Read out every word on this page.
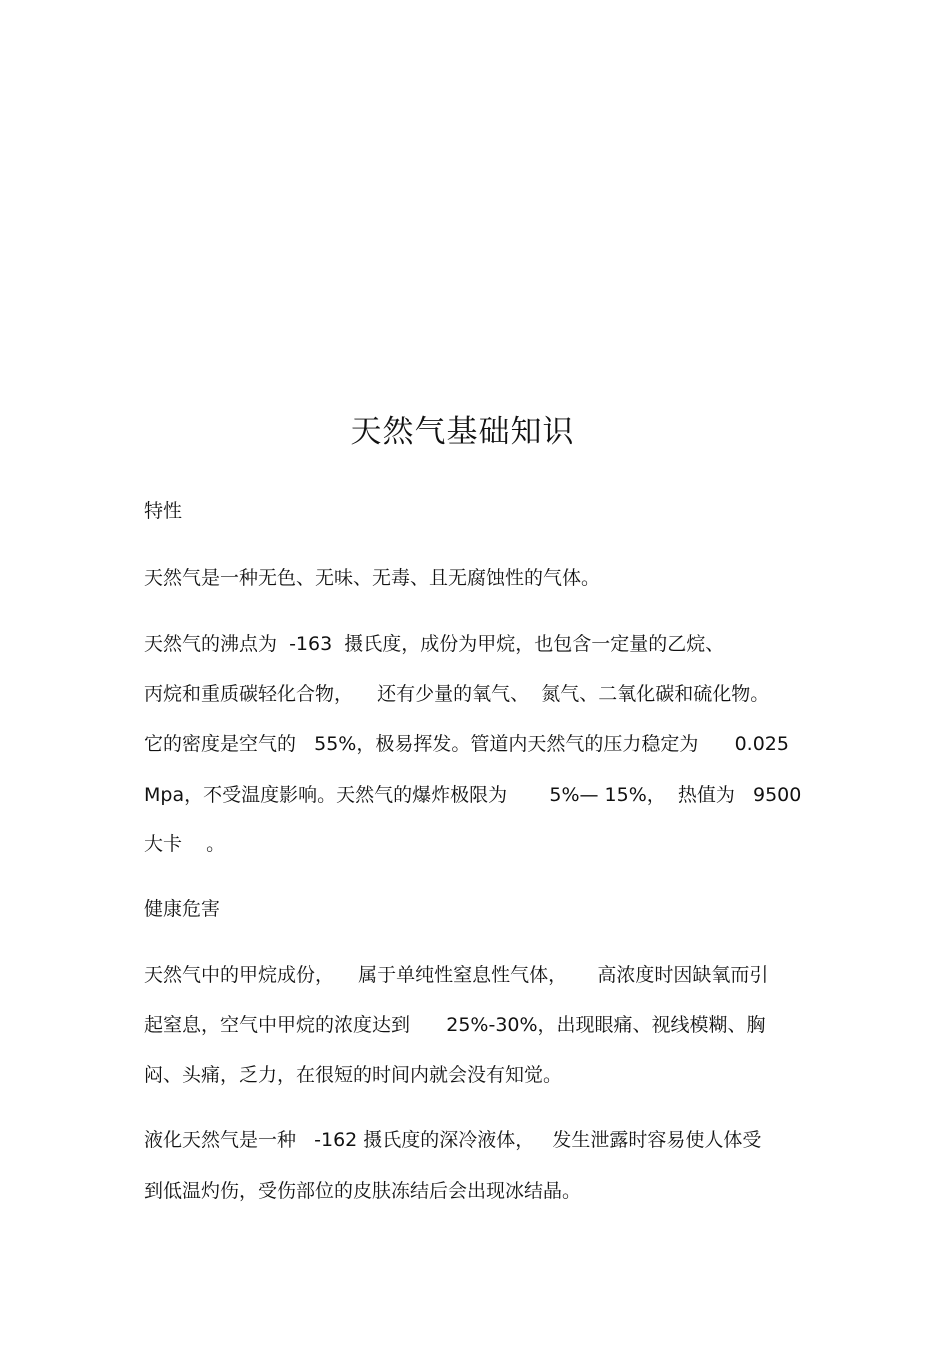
天然气基础知识
特性
天然气是一种无色、无味、无毒、且无腐蚀性的气体。
天然气的沸点为  -163  摄氏度，成份为甲烷，也包含一定量的乙烷、
丙烷和重质碳轻化合物，    还有少量的氧气、  氮气、二氧化碳和硫化物。
它的密度是空气的   55%，极易挥发。管道内天然气的压力稳定为      0.025
Mpa，不受温度影响。天然气的爆炸极限为       5%— 15%，  热值为   9500
大卡    。
健康危害
天然气中的甲烷成份，    属于单纯性窒息性气体，     高浓度时因缺氧而引
起窒息，空气中甲烷的浓度达到      25%-30%，出现眼痛、视线模糊、胸
闷、头痛，乏力，在很短的时间内就会没有知觉。
液化天然气是一种   -162 摄氏度的深冷液体，   发生泄露时容易使人体受
到低温灼伤，受伤部位的皮肤冻结后会出现冰结晶。
